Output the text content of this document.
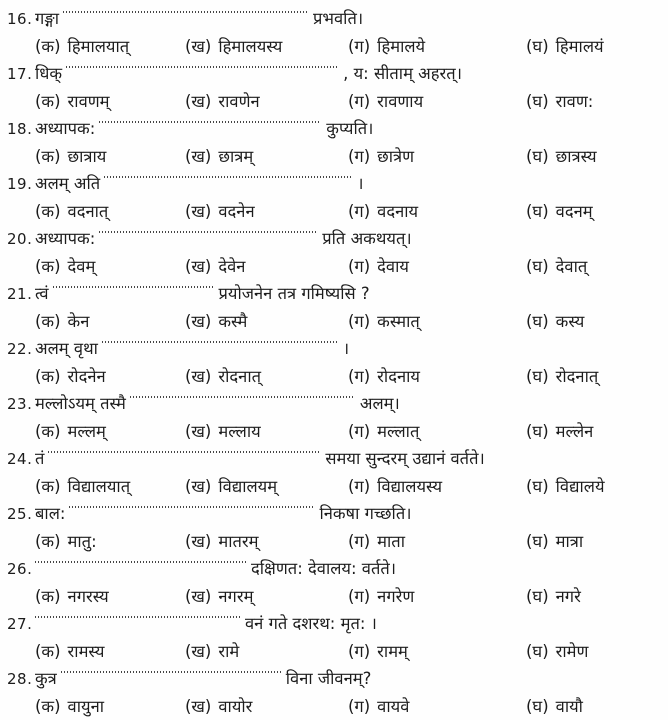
16. गङ्गा	प्रभवति।
(क) हिमालयात्	(ख) हिमालयस्य	(ग) हिमालये	(घ) हिमालयं
17. धिक्	, य: सीताम् अहरत्।
(क) रावणम्	(ख) रावणेन	(ग) रावणाय	(घ) रावण:
18. अध्यापक:	कुप्यति।
(क) छात्राय	(ख) छात्रम्	(ग) छात्रेण	(घ) छात्रस्य
19. अलम् अति	।
(क) वदनात्	(ख) वदनेन	(ग) वदनाय	(घ) वदनम्
20. अध्यापक:	प्रति अकथयत्।
(क) देवम्	(ख) देवेन	(ग) देवाय	(घ) देवात्
21. त्वं	प्रयोजनेन तत्र गमिष्यसि ?
(क) केन	(ख) कस्मै	(ग) कस्मात्	(घ) कस्य
22. अलम् वृथा	।
(क) रोदनेन	(ख) रोदनात्	(ग) रोदनाय	(घ) रोदनात्
23. मल्लोऽयम् तस्मै	अलम्।
(क) मल्लम्	(ख) मल्लाय	(ग) मल्लात्	(घ) मल्लेन
24. तं	समया सुन्दरम् उद्यानं वर्तते।
(क) विद्यालयात्	(ख) विद्यालयम्	(ग) विद्यालयस्य	(घ) विद्यालये
25. बाल:	निकषा गच्छति।
(क) मातु:	(ख) मातरम्	(ग) माता	(घ) मात्रा
26.	दक्षिणत: देवालय: वर्तते।
(क) नगरस्य	(ख) नगरम्	(ग) नगरेण	(घ) नगरे
27.	वनं गते दशरथ: मृत: ।
(क) रामस्य	(ख) रामे	(ग) रामम्	(घ) रामेण
28. कुत्र	विना जीवनम्?
(क) वायुना	(ख) वायोर	(ग) वायवे	(घ) वायौ
